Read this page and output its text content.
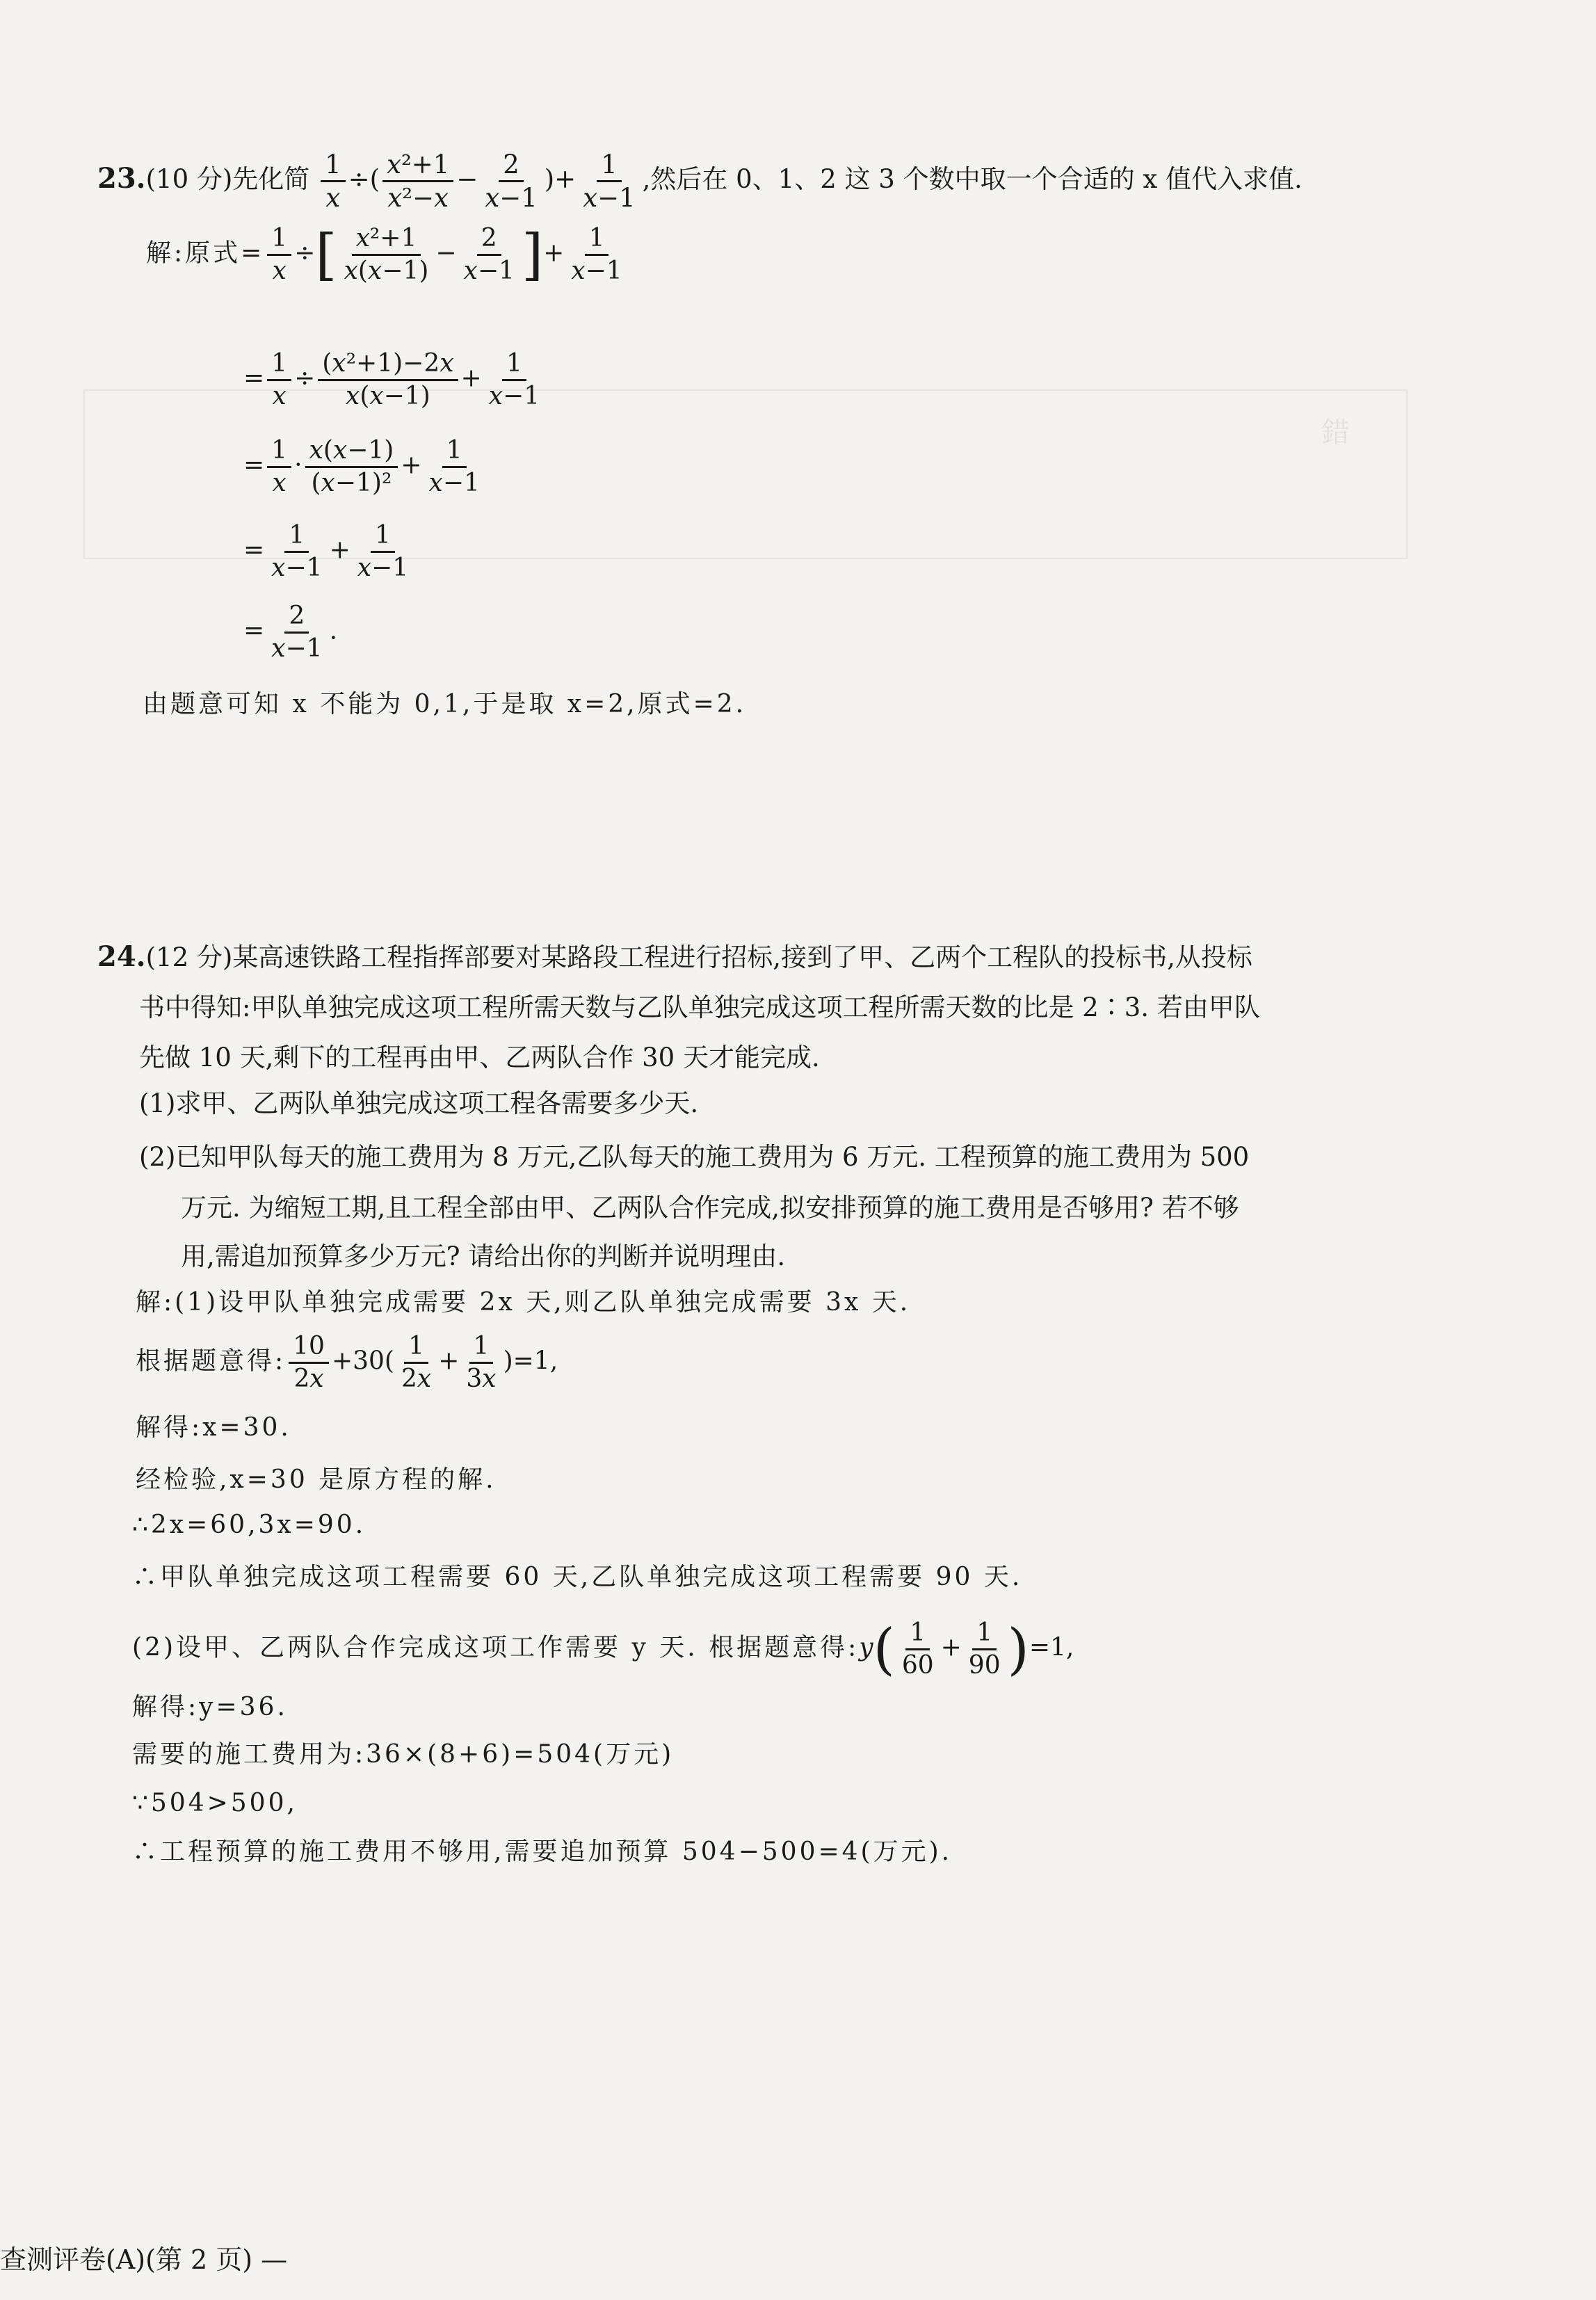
錯
23.(10 分)先化简 $\frac{1}{x}$ ÷( $\frac{\text{x²+1}}{\text{x²−x}} - \frac{2}{x-1}$ )+ $\frac{1}{x-1}$ ,然后在 0、1、2 这 3 个数中取一个合适的 x 值代入求值.
解:原式= $\frac{1}{x}$ ÷[ $\frac{\text{x²+1}}{x(x-1)} - \frac{2}{x-1}$ ]+ $\frac{1}{x-1}$
= $\frac{1}{x} \div \frac{\text{(x²+1)−2x}}{x(x-1)} + \frac{1}{x-1}$
= $\frac{1}{x} \cdot \frac{x(x-1)}{\text{(x−1)²}} + \frac{1}{x-1}$
= $\frac{1}{x-1} + \frac{1}{x-1}$
= $\frac{2}{x-1}$ .
由题意可知 x 不能为 0,1,于是取 x=2,原式=2.
24.(12 分)某高速铁路工程指挥部要对某路段工程进行招标,接到了甲、乙两个工程队的投标书,从投标
书中得知:甲队单独完成这项工程所需天数与乙队单独完成这项工程所需天数的比是 2∶3. 若由甲队
先做 10 天,剩下的工程再由甲、乙两队合作 30 天才能完成.
(1)求甲、乙两队单独完成这项工程各需要多少天.
(2)已知甲队每天的施工费用为 8 万元,乙队每天的施工费用为 6 万元. 工程预算的施工费用为 500
万元. 为缩短工期,且工程全部由甲、乙两队合作完成,拟安排预算的施工费用是否够用? 若不够
用,需追加预算多少万元? 请给出你的判断并说明理由.
解:(1)设甲队单独完成需要 2x 天,则乙队单独完成需要 3x 天.
根据题意得: $\frac{10}{2x} +30( \frac{1}{2x} + \frac{1}{3x} )=1$,
解得:x=30.
经检验,x=30 是原方程的解.
∴2x=60,3x=90.
∴甲队单独完成这项工程需要 60 天,乙队单独完成这项工程需要 90 天.
(2)设甲、乙两队合作完成这项工作需要 y 天. 根据题意得:y( $\frac{1}{60} + \frac{1}{90} )=1$,
解得:y=36.
需要的施工费用为:36×(8+6)=504(万元)
∵504>500,
∴工程预算的施工费用不够用,需要追加预算 504−500=4(万元).
查测评卷(A)(第 2 页) —
